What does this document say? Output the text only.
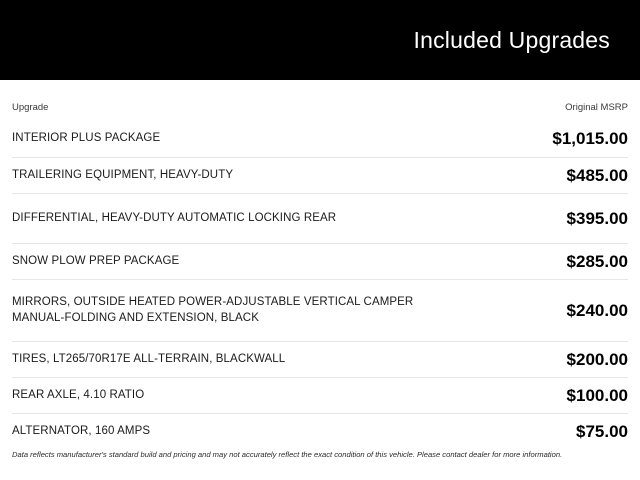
Included Upgrades
Upgrade	Original MSRP
INTERIOR PLUS PACKAGE	$1,015.00
TRAILERING EQUIPMENT, HEAVY-DUTY	$485.00
DIFFERENTIAL, HEAVY-DUTY AUTOMATIC LOCKING REAR	$395.00
SNOW PLOW PREP PACKAGE	$285.00
MIRRORS, OUTSIDE HEATED POWER-ADJUSTABLE VERTICAL CAMPER MANUAL-FOLDING AND EXTENSION, BLACK	$240.00
TIRES, LT265/70R17E ALL-TERRAIN, BLACKWALL	$200.00
REAR AXLE, 4.10 RATIO	$100.00
ALTERNATOR, 160 AMPS	$75.00
Data reflects manufacturer's standard build and pricing and may not accurately reflect the exact condition of this vehicle. Please contact dealer for more information.
